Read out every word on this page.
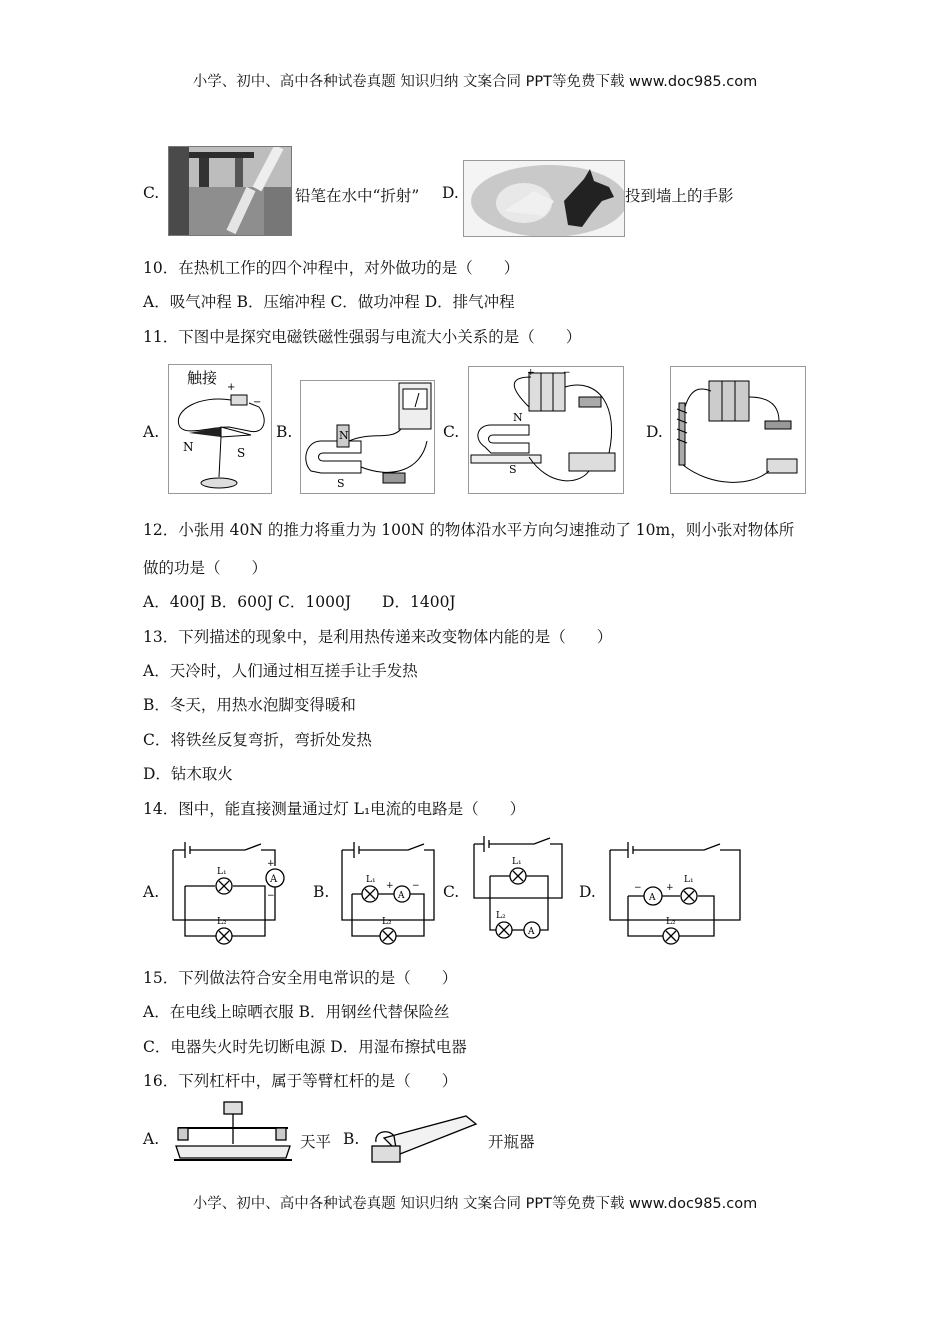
小学、初中、高中各种试卷真题 知识归纳 文案合同 PPT等免费下载 www.doc985.com
C.	铅笔在水中“折射” D.	投到墙上的手影
10．在热机工作的四个冲程中，对外做功的是（　　）
A．吸气冲程 B．压缩冲程 C．做功冲程 D．排气冲程
11．下图中是探究电磁铁磁性强弱与电流大小关系的是（　　）
A.
触接
+
−
N	S
B.	N
S
C.
+	−
N
S
D.
12．小张用 40N 的推力将重力为 100N 的物体沿水平方向匀速推动了 10m，则小张对物体所
做的功是（　　）
A．400J B．600J C．1000J　　D．1400J
13．下列描述的现象中，是利用热传递来改变物体内能的是（　　）
A．天冷时，人们通过相互搓手让手发热
B．冬天，用热水泡脚变得暖和
C．将铁丝反复弯折，弯折处发热
D．钻木取火
14．图中，能直接测量通过灯 L₁电流的电路是（　　）
A.
A
+
−
L₁
L₂
B.	A
+ −
L₁
L₂
C.
A
L₁
L₂
D.	A
−	+
L₁
L₂
15．下列做法符合安全用电常识的是（　　）
A．在电线上晾晒衣服 B．用钢丝代替保险丝
C．电器失火时先切断电源 D．用湿布擦拭电器
16．下列杠杆中，属于等臂杠杆的是（　　）
A.	天平 B.	开瓶器
小学、初中、高中各种试卷真题 知识归纳 文案合同 PPT等免费下载 www.doc985.com
